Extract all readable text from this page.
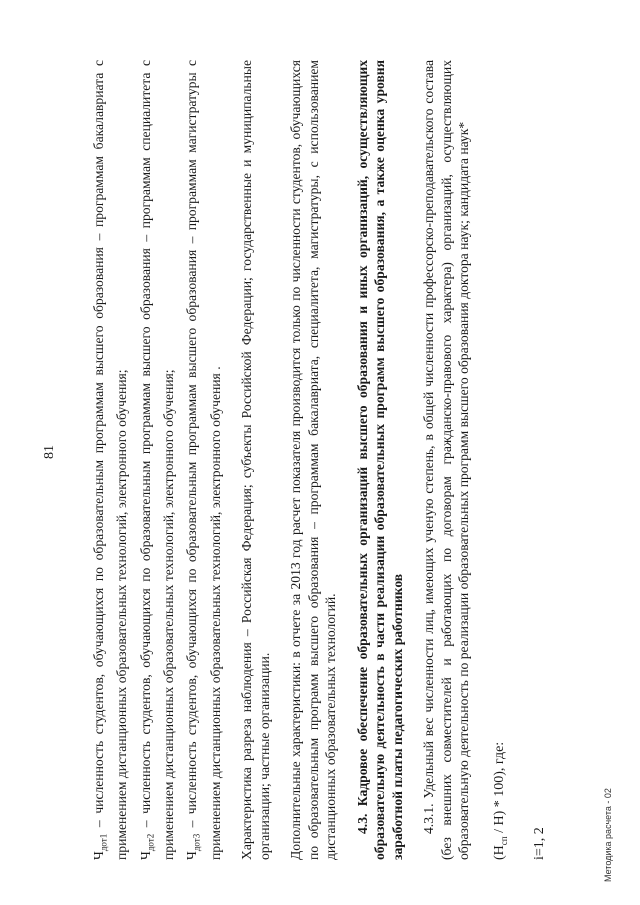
81

$Ч_{дот1}$ – численность студентов, обучающихся по образовательным программам высшего образования – программам бакалавриата с применением дистанционных образовательных технологий, электронного обучения; $Ч_{дот2}$ – численность студентов, обучающихся по образовательным программам высшего образования – программам специалитета с применением дистанционных образовательных технологий, электронного обучения; $Ч_{дот3}$ – численность студентов, обучающихся по образовательным программам высшего образования – программам магистратуры с применением дистанционных образовательных технологий, электронного обучения . Характеристика разреза наблюдения – Российская Федерация; субъекты Российской Федерации; государственные и муниципальные организации; частные организации. Дополнительные характеристики: в отчете за 2013 год расчет показателя производится только по численности студентов, обучающихся по образовательным программ высшего образования – программам бакалавриата, специалитета, магистратуры, с использованием дистанционных образовательных технологий. 4.3. Кадровое обеспечение образовательных организаций высшего образования и иных организаций, осуществляющих образовательную деятельность в части реализации образовательных программ высшего образования, а также оценка уровня заработной платы педагогических работников 4.3.1. Удельный вес численности лиц, имеющих ученую степень, в общей численности профессорско-преподавательского состава (без внешних совместителей и работающих по договорам гражданско-правового характера) организаций, осуществляющих образовательную деятельность по реализации образовательных программ высшего образования доктора наук; кандидата наук* $(Н_{сп} / Н) * 100$), где:
i=1, 2	Методика расчета - 02
